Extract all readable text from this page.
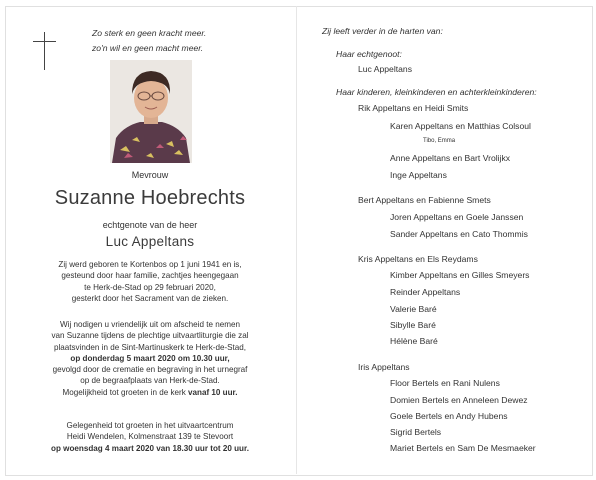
Zo sterk en geen kracht meer.
zo'n wil en geen macht meer.
Mevrouw
Suzanne Hoebrechts
echtgenote van de heer
Luc Appeltans
Zij werd geboren te Kortenbos op 1 juni 1941 en is,
gesteund door haar familie, zachtjes heengegaan
te Herk-de-Stad op 29 februari 2020,
gesterkt door het Sacrament van de zieken.
Wij nodigen u vriendelijk uit om afscheid te nemen
van Suzanne tijdens de plechtige uitvaartliturgie die zal
plaatsvinden in de Sint-Martinuskerk te Herk-de-Stad,
op donderdag 5 maart 2020 om 10.30 uur,
gevolgd door de crematie en begraving in het urnegraf
op de begraafplaats van Herk-de-Stad.
Mogelijkheid tot groeten in de kerk vanaf 10 uur.
Gelegenheid tot groeten in het uitvaartcentrum
Heidi Wendelen, Kolmenstraat 139 te Stevoort
op woensdag 4 maart 2020 van 18.30 uur tot 20 uur.
Zij leeft verder in de harten van:
Haar echtgenoot:
Luc Appeltans
Haar kinderen, kleinkinderen en achterkleinkinderen:
Rik Appeltans en Heidi Smits
Karen Appeltans en Matthias Colsoul
Tibo, Emma
Anne Appeltans en Bart Vrolijkx
Inge Appeltans
Bert Appeltans en Fabienne Smets
Joren Appeltans en Goele Janssen
Sander Appeltans en Cato Thommis
Kris Appeltans en Els Reydams
Kimber Appeltans en Gilles Smeyers
Reinder Appeltans
Valerie Baré
Sibylle Baré
Hélène Baré
Iris Appeltans
Floor Bertels en Rani Nulens
Domien Bertels en Anneleen Dewez
Goele Bertels en Andy Hubens
Sigrid Bertels
Mariet Bertels en Sam De Mesmaeker
